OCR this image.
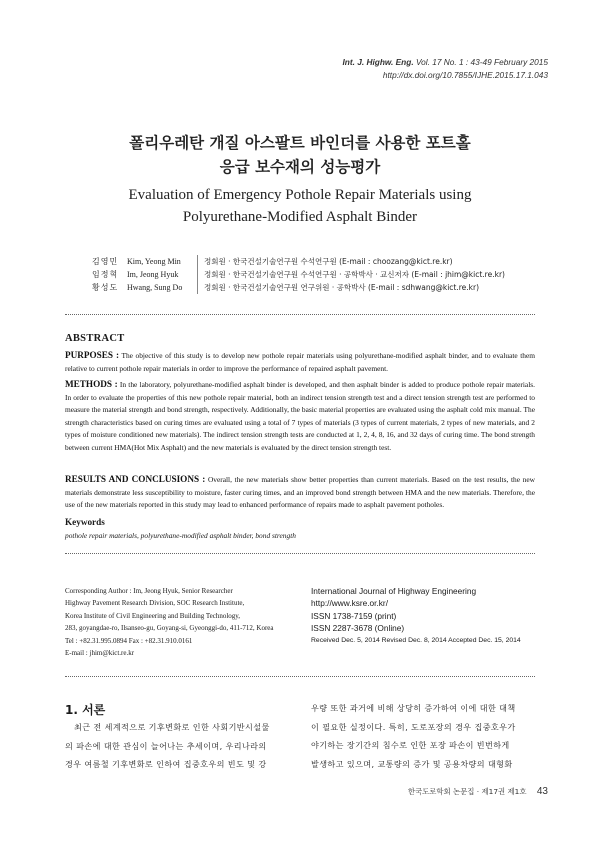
Int. J. Highw. Eng. Vol. 17 No. 1 : 43-49 February 2015
http://dx.doi.org/10.7855/IJHE.2015.17.1.043
폴리우레탄 개질 아스팔트 바인더를 사용한 포트홀
응급 보수재의 성능평가
Evaluation of Emergency Pothole Repair Materials using
Polyurethane-Modified Asphalt Binder
김영민	Kim, Yeong Min	정회원 · 한국건설기술연구원 수석연구원 (E-mail : choozang@kict.re.kr)
임정혁	Im, Jeong Hyuk	정회원 · 한국건설기술연구원 수석연구원 · 공학박사 · 교신저자 (E-mail : jhim@kict.re.kr)
황성도	Hwang, Sung Do	정회원 · 한국건설기술연구원 연구위원 · 공학박사 (E-mail : sdhwang@kict.re.kr)
ABSTRACT
PURPOSES : The objective of this study is to develop new pothole repair materials using polyurethane-modified asphalt binder, and to evaluate them relative to current pothole repair materials in order to improve the performance of repaired asphalt pavement.
METHODS : In the laboratory, polyurethane-modified asphalt binder is developed, and then asphalt binder is added to produce pothole repair materials. In order to evaluate the properties of this new pothole repair material, both an indirect tension strength test and a direct tension strength test are performed to measure the material strength and bond strength, respectively. Additionally, the basic material properties are evaluated using the asphalt cold mix manual. The strength characteristics based on curing times are evaluated using a total of 7 types of materials (3 types of current materials, 2 types of new materials, and 2 types of moisture conditioned new materials). The indirect tension strength tests are conducted at 1, 2, 4, 8, 16, and 32 days of curing time. The bond strength between current HMA(Hot Mix Asphalt) and the new materials is evaluated by the direct tension strength test.
RESULTS AND CONCLUSIONS : Overall, the new materials show better properties than current materials. Based on the test results, the new materials demonstrate less susceptibility to moisture, faster curing times, and an improved bond strength between HMA and the new materials. Therefore, the use of the new materials reported in this study may lead to enhanced performance of repairs made to asphalt pavement potholes.
Keywords
pothole repair materials, polyurethane-modified asphalt binder, bond strength
Corresponding Author : Im, Jeong Hyuk, Senior Researcher
Highway Pavement Research Division, SOC Research Institute,
Korea Institute of Civil Engineering and Building Technology,
283, goyangdae-ro, Ilsanseo-gu, Goyang-si, Gyeonggi-do, 411-712, Korea
Tel : +82.31.995.0894 Fax : +82.31.910.0161
E-mail : jhim@kict.re.kr
International Journal of Highway Engineering
http://www.ksre.or.kr/
ISSN 1738-7159 (print)
ISSN 2287-3678 (Online)
Received Dec. 5, 2014 Revised Dec. 8, 2014 Accepted Dec. 15, 2014
1. 서론
최근 전 세계적으로 기후변화로 인한 사회기반시설물
의 파손에 대한 관심이 늘어나는 추세이며, 우리나라의
경우 여름철 기후변화로 인하여 집중호우의 빈도 및 강
우량 또한 과거에 비해 상당히 증가하여 이에 대한 대책
이 필요한 실정이다. 특히, 도로포장의 경우 집중호우가
야기하는 장기간의 침수로 인한 포장 파손이 빈번하게
발생하고 있으며, 교통량의 증가 및 공용차량의 대형화
한국도로학회 논문집 · 제17권 제1호 43
